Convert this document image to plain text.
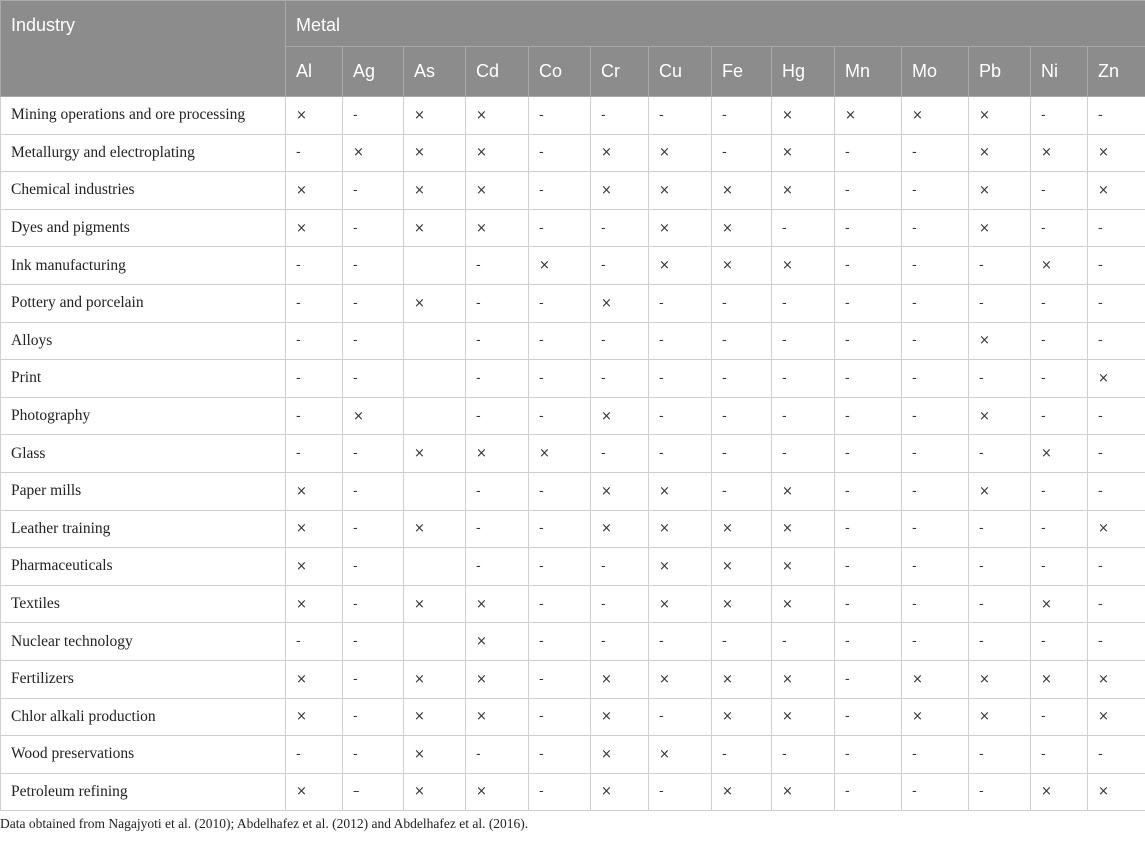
Industry	Metal													
	Al	Ag	As	Cd	Co	Cr	Cu	Fe	Hg	Mn	Mo	Pb	Ni	Zn
Mining operations and ore processing	×	-	×	×	-	-	-	-	×	×	×	×	-	-
Metallurgy and electroplating	-	×	×	×	-	×	×	-	×	-	-	×	×	×
Chemical industries	×	-	×	×	-	×	×	×	×	-	-	×	-	×
Dyes and pigments	×	-	×	×	-	-	×	×	-	-	-	×	-	-
Ink manufacturing	-	-		-	×	-	×	×	×	-	-	-	×	-
Pottery and porcelain	-	-	×	-	-	×	-	-	-	-	-	-	-	-
Alloys	-	-		-	-	-	-	-	-	-	-	×	-	-
Print	-	-		-	-	-	-	-	-	-	-	-	-	×
Photography	-	×		-	-	×	-	-	-	-	-	×	-	-
Glass	-	-	×	×	×	-	-	-	-	-	-	-	×	-
Paper mills	×	-		-	-	×	×	-	×	-	-	×	-	-
Leather training	×	-	×	-	-	×	×	×	×	-	-	-	-	×
Pharmaceuticals	×	-		-	-	-	×	×	×	-	-	-	-	-
Textiles	×	-	×	×	-	-	×	×	×	-	-	-	×	-
Nuclear technology	-	-		×	-	-	-	-	-	-	-	-	-	-
Fertilizers	×	-	×	×	-	×	×	×	×	-	×	×	×	×
Chlor alkali production	×	-	×	×	-	×	-	×	×	-	×	×	-	×
Wood preservations	-	-	×	-	-	×	×	-	-	-	-	-	-	-
Petroleum refining	×	–	×	×	-	×	-	×	×	-	-	-	×	×
Data obtained from Nagajyoti et al. (2010); Abdelhafez et al. (2012) and Abdelhafez et al. (2016).
